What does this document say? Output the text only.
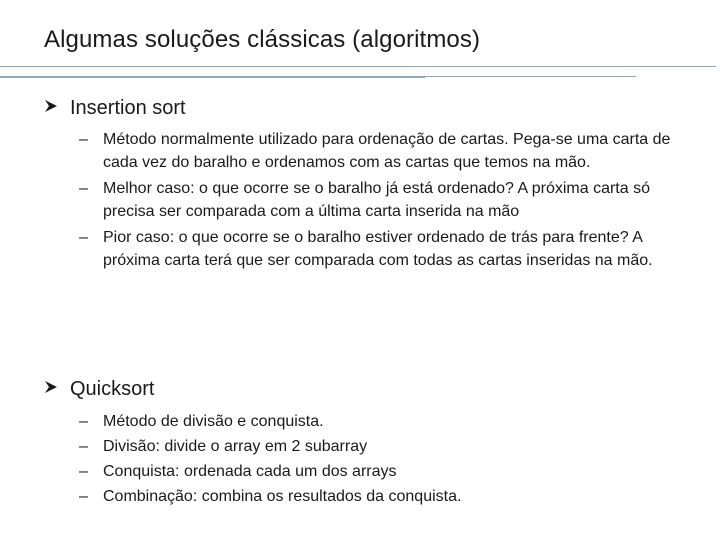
Algumas soluções clássicas (algoritmos)
Insertion sort
– Método normalmente utilizado para ordenação de cartas. Pega-se uma carta de cada vez do baralho e ordenamos com as cartas que temos na mão.
– Melhor caso: o que ocorre se o baralho já está ordenado? A próxima carta só precisa ser comparada com a última carta inserida na mão
– Pior caso: o que ocorre se o baralho estiver ordenado de trás para frente? A próxima carta terá que ser comparada com todas as cartas inseridas na mão.
Quicksort
– Método de divisão e conquista.
– Divisão: divide o array em 2 subarray
– Conquista: ordenada cada um dos arrays
– Combinação: combina os resultados da conquista.
